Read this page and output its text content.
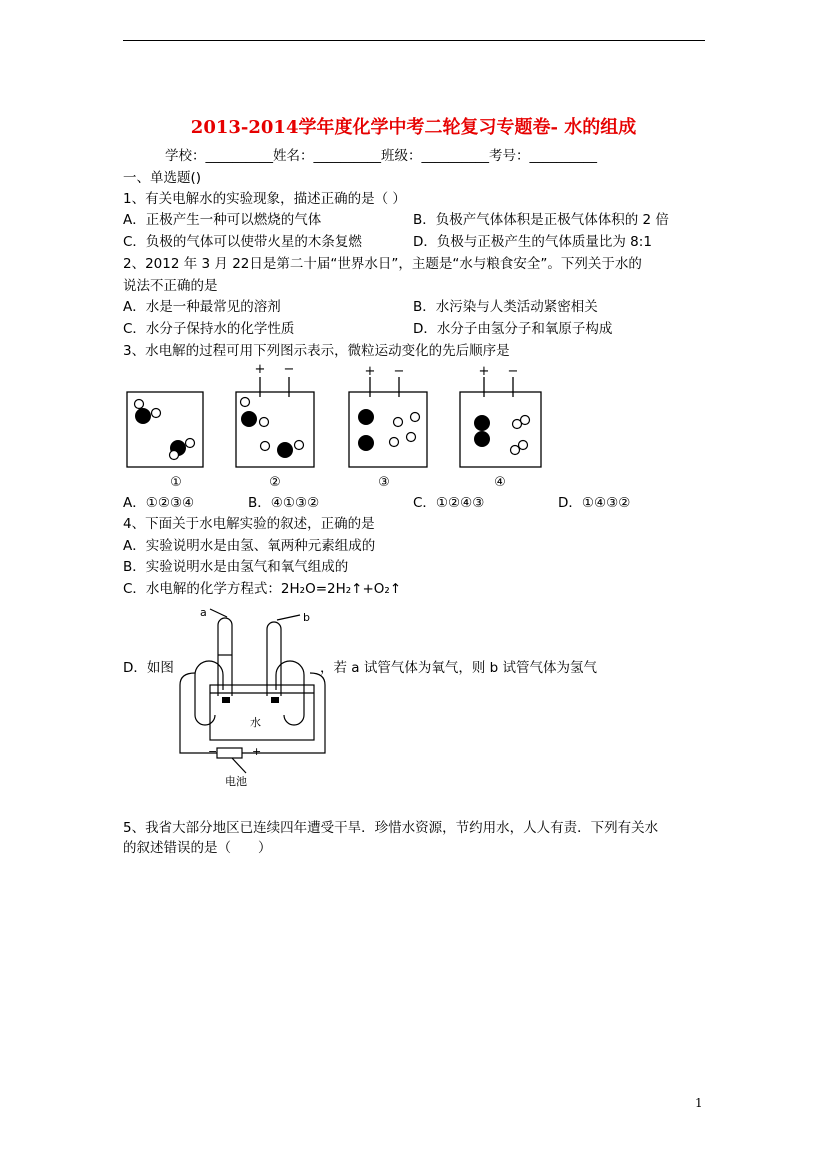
2013-2014学年度化学中考二轮复习专题卷- 水的组成
学校：__________姓名：__________班级：__________考号：__________
一、单选题()
1、有关电解水的实验现象，描述正确的是（ ）
A．正极产生一种可以燃烧的气体	B．负极产气体体积是正极气体体积的 2 倍
C．负极的气体可以使带火星的木条复燃	D．负极与正极产生的气体质量比为 8:1
2、2012 年 3 月 22日是第二十届“世界水日”，主题是“水与粮食安全”。下列关于水的
说法不正确的是
A．水是一种最常见的溶剂	B．水污染与人类活动紧密相关
C．水分子保持水的化学性质	D．水分子由氢分子和氧原子构成
3、水电解的过程可用下列图示表示，微粒运动变化的先后顺序是
+ −	+ −	+ −
①	②	③	④
A．①②③④	B．④①③②	C．①②④③	D．①④③②
4、下面关于水电解实验的叙述，正确的是
A．实验说明水是由氢、氧两种元素组成的
B．实验说明水是由氢气和氧气组成的
C．水电解的化学方程式：2H₂O=2H₂↑+O₂↑
D．如图	，若 a 试管气体为氧气，则 b 试管气体为氢气
a	b
水
−	+
电池
5、我省大部分地区已连续四年遭受干旱．珍惜水资源，节约用水，人人有责．下列有关水
的叙述错误的是（　　）
1
